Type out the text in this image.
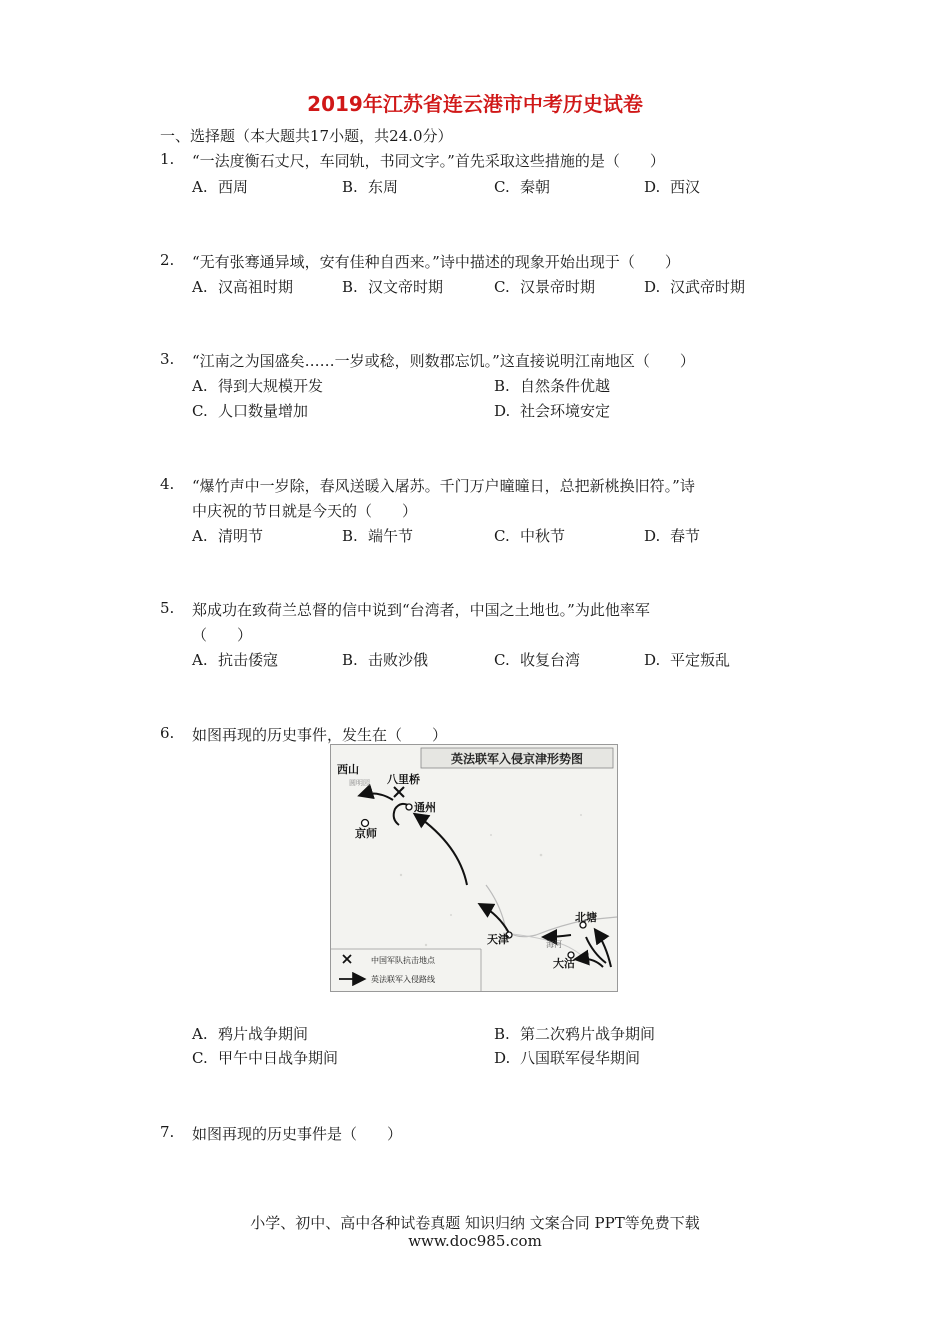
2019年江苏省连云港市中考历史试卷
一、选择题（本大题共17小题，共24.0分）
1. “一法度衡石丈尺，车同轨，书同文字。”首先采取这些措施的是（　　）
A. 西周	B. 东周	C. 秦朝	D. 西汉
2. “无有张骞通异域，安有佳种自西来。”诗中描述的现象开始出现于（　　）
A. 汉高祖时期	B. 汉文帝时期	C. 汉景帝时期	D. 汉武帝时期
3. “江南之为国盛矣……一岁或稔，则数郡忘饥。”这直接说明江南地区（　　）
A. 得到大规模开发	B. 自然条件优越
C. 人口数量增加	D. 社会环境安定
4. “爆竹声中一岁除，春风送暖入屠苏。千门万户曈曈日，总把新桃换旧符。”诗
中庆祝的节日就是今天的（　　）
A. 清明节	B. 端午节	C. 中秋节	D. 春节
5. 郑成功在致荷兰总督的信中说到“台湾者，中国之土地也。”为此他率军
（　　）
A. 抗击倭寇	B. 击败沙俄	C. 收复台湾	D. 平定叛乱
6. 如图再现的历史事件，发生在（　　）
英法联军入侵京津形势图
西山
圆明园 八里桥
通州
京师
天津
北塘
大沽
海河
中国军队抗击地点
英法联军入侵路线
A. 鸦片战争期间	B. 第二次鸦片战争期间
C. 甲午中日战争期间	D. 八国联军侵华期间
7. 如图再现的历史事件是（　　）
小学、初中、高中各种试卷真题 知识归纳 文案合同 PPT等免费下载
www.doc985.com
